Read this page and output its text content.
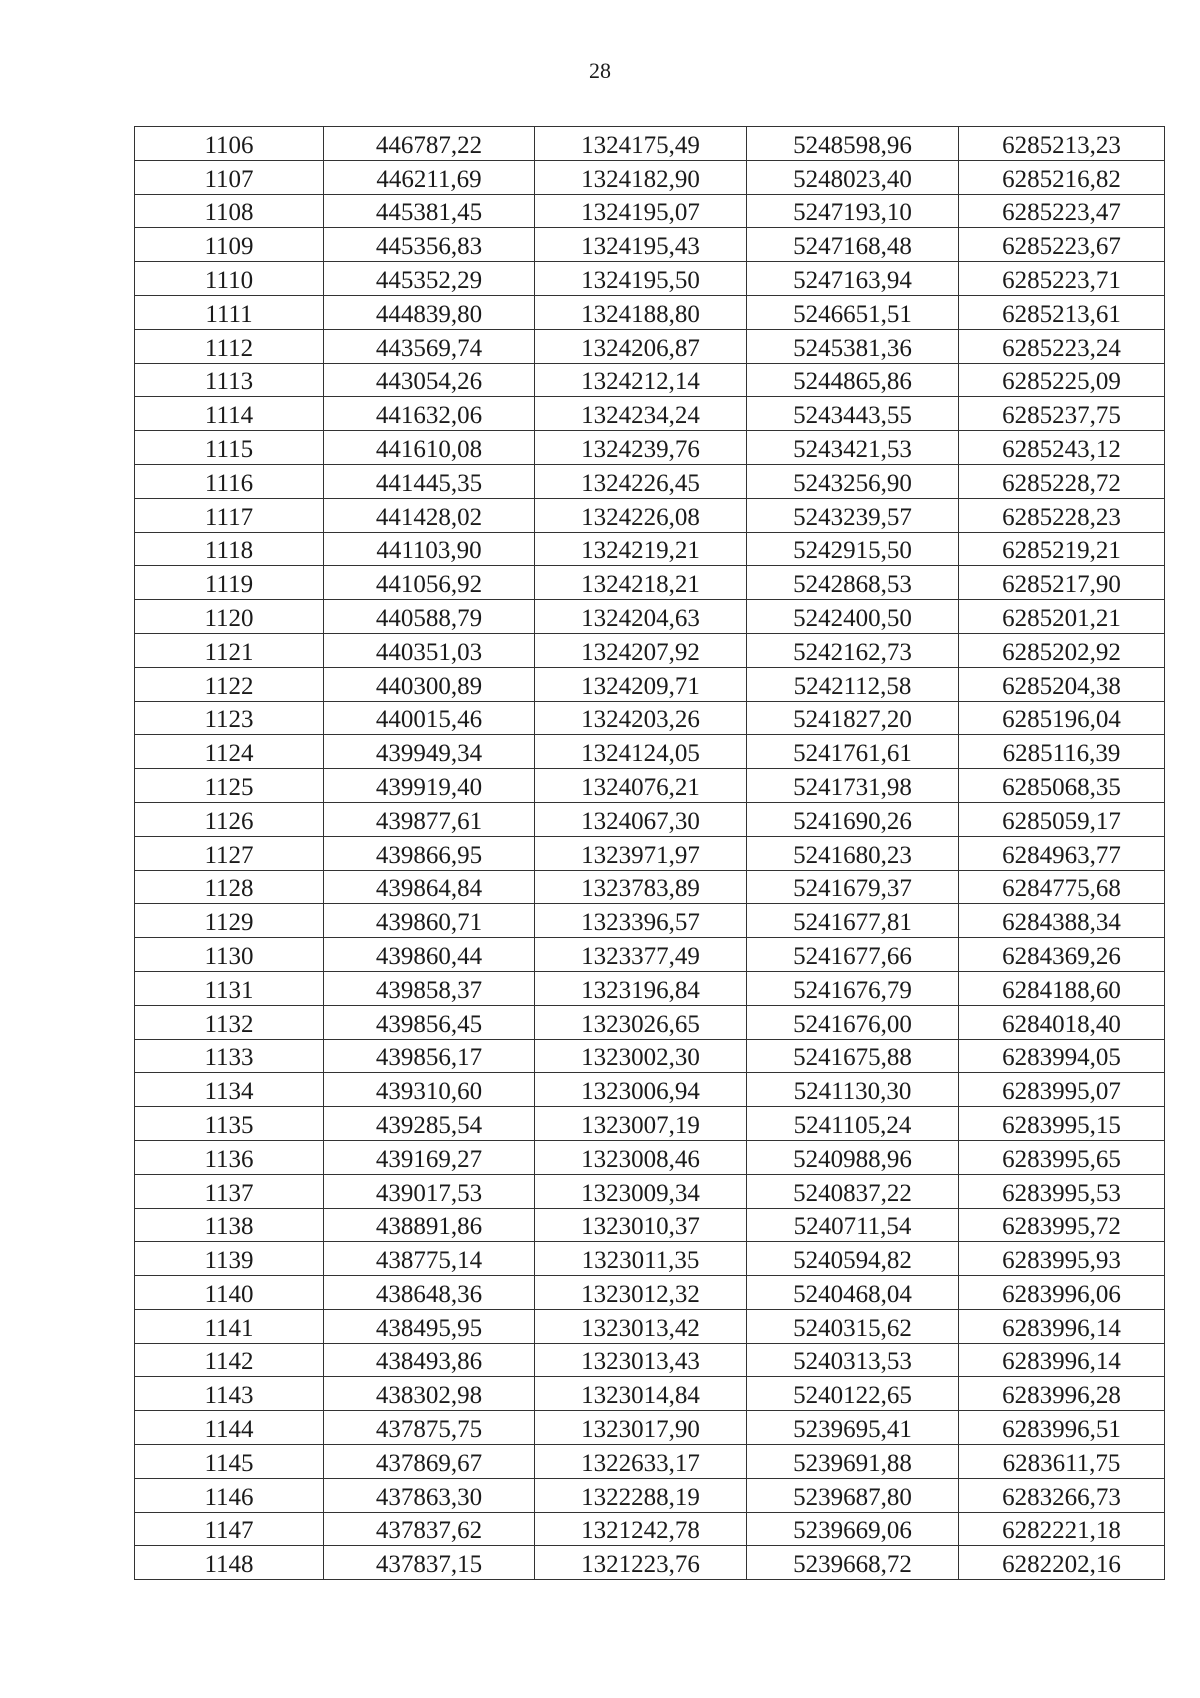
28
1106	446787,22	1324175,49	5248598,96	6285213,23
1107	446211,69	1324182,90	5248023,40	6285216,82
1108	445381,45	1324195,07	5247193,10	6285223,47
1109	445356,83	1324195,43	5247168,48	6285223,67
1110	445352,29	1324195,50	5247163,94	6285223,71
1111	444839,80	1324188,80	5246651,51	6285213,61
1112	443569,74	1324206,87	5245381,36	6285223,24
1113	443054,26	1324212,14	5244865,86	6285225,09
1114	441632,06	1324234,24	5243443,55	6285237,75
1115	441610,08	1324239,76	5243421,53	6285243,12
1116	441445,35	1324226,45	5243256,90	6285228,72
1117	441428,02	1324226,08	5243239,57	6285228,23
1118	441103,90	1324219,21	5242915,50	6285219,21
1119	441056,92	1324218,21	5242868,53	6285217,90
1120	440588,79	1324204,63	5242400,50	6285201,21
1121	440351,03	1324207,92	5242162,73	6285202,92
1122	440300,89	1324209,71	5242112,58	6285204,38
1123	440015,46	1324203,26	5241827,20	6285196,04
1124	439949,34	1324124,05	5241761,61	6285116,39
1125	439919,40	1324076,21	5241731,98	6285068,35
1126	439877,61	1324067,30	5241690,26	6285059,17
1127	439866,95	1323971,97	5241680,23	6284963,77
1128	439864,84	1323783,89	5241679,37	6284775,68
1129	439860,71	1323396,57	5241677,81	6284388,34
1130	439860,44	1323377,49	5241677,66	6284369,26
1131	439858,37	1323196,84	5241676,79	6284188,60
1132	439856,45	1323026,65	5241676,00	6284018,40
1133	439856,17	1323002,30	5241675,88	6283994,05
1134	439310,60	1323006,94	5241130,30	6283995,07
1135	439285,54	1323007,19	5241105,24	6283995,15
1136	439169,27	1323008,46	5240988,96	6283995,65
1137	439017,53	1323009,34	5240837,22	6283995,53
1138	438891,86	1323010,37	5240711,54	6283995,72
1139	438775,14	1323011,35	5240594,82	6283995,93
1140	438648,36	1323012,32	5240468,04	6283996,06
1141	438495,95	1323013,42	5240315,62	6283996,14
1142	438493,86	1323013,43	5240313,53	6283996,14
1143	438302,98	1323014,84	5240122,65	6283996,28
1144	437875,75	1323017,90	5239695,41	6283996,51
1145	437869,67	1322633,17	5239691,88	6283611,75
1146	437863,30	1322288,19	5239687,80	6283266,73
1147	437837,62	1321242,78	5239669,06	6282221,18
1148	437837,15	1321223,76	5239668,72	6282202,16
